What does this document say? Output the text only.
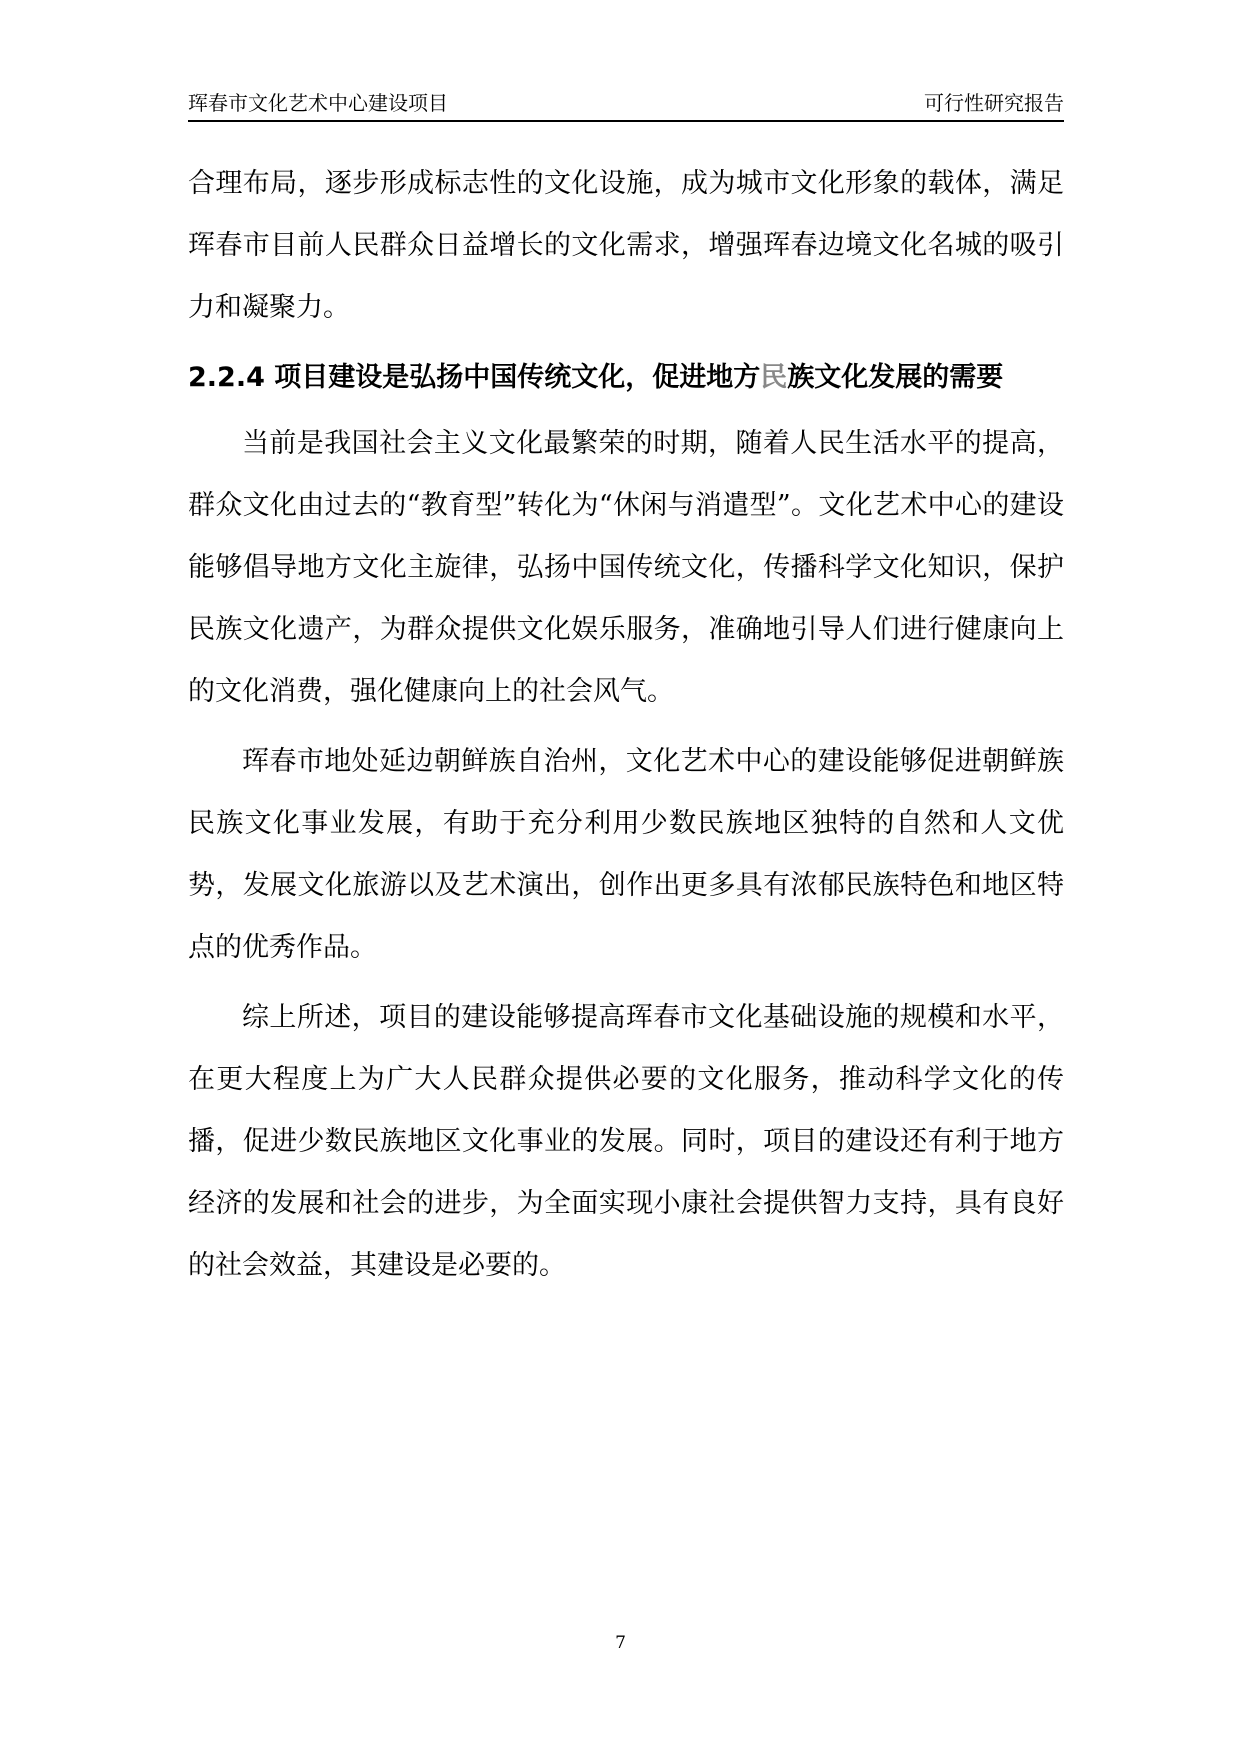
珲春市文化艺术中心建设项目	可行性研究报告

合理布局，逐步形成标志性的文化设施，成为城市文化形象的载体，满足珲春市目前人民群众日益增长的文化需求，增强珲春边境文化名城的吸引力和凝聚力。

2.2.4 项目建设是弘扬中国传统文化，促进地方民族文化发展的需要

当前是我国社会主义文化最繁荣的时期，随着人民生活水平的提高，群众文化由过去的“教育型”转化为“休闲与消遣型”。文化艺术中心的建设能够倡导地方文化主旋律，弘扬中国传统文化，传播科学文化知识，保护民族文化遗产，为群众提供文化娱乐服务，准确地引导人们进行健康向上的文化消费，强化健康向上的社会风气。

珲春市地处延边朝鲜族自治州，文化艺术中心的建设能够促进朝鲜族民族文化事业发展，有助于充分利用少数民族地区独特的自然和人文优势，发展文化旅游以及艺术演出，创作出更多具有浓郁民族特色和地区特点的优秀作品。

综上所述，项目的建设能够提高珲春市文化基础设施的规模和水平，在更大程度上为广大人民群众提供必要的文化服务，推动科学文化的传播，促进少数民族地区文化事业的发展。同时，项目的建设还有利于地方经济的发展和社会的进步，为全面实现小康社会提供智力支持，具有良好的社会效益，其建设是必要的。

7
